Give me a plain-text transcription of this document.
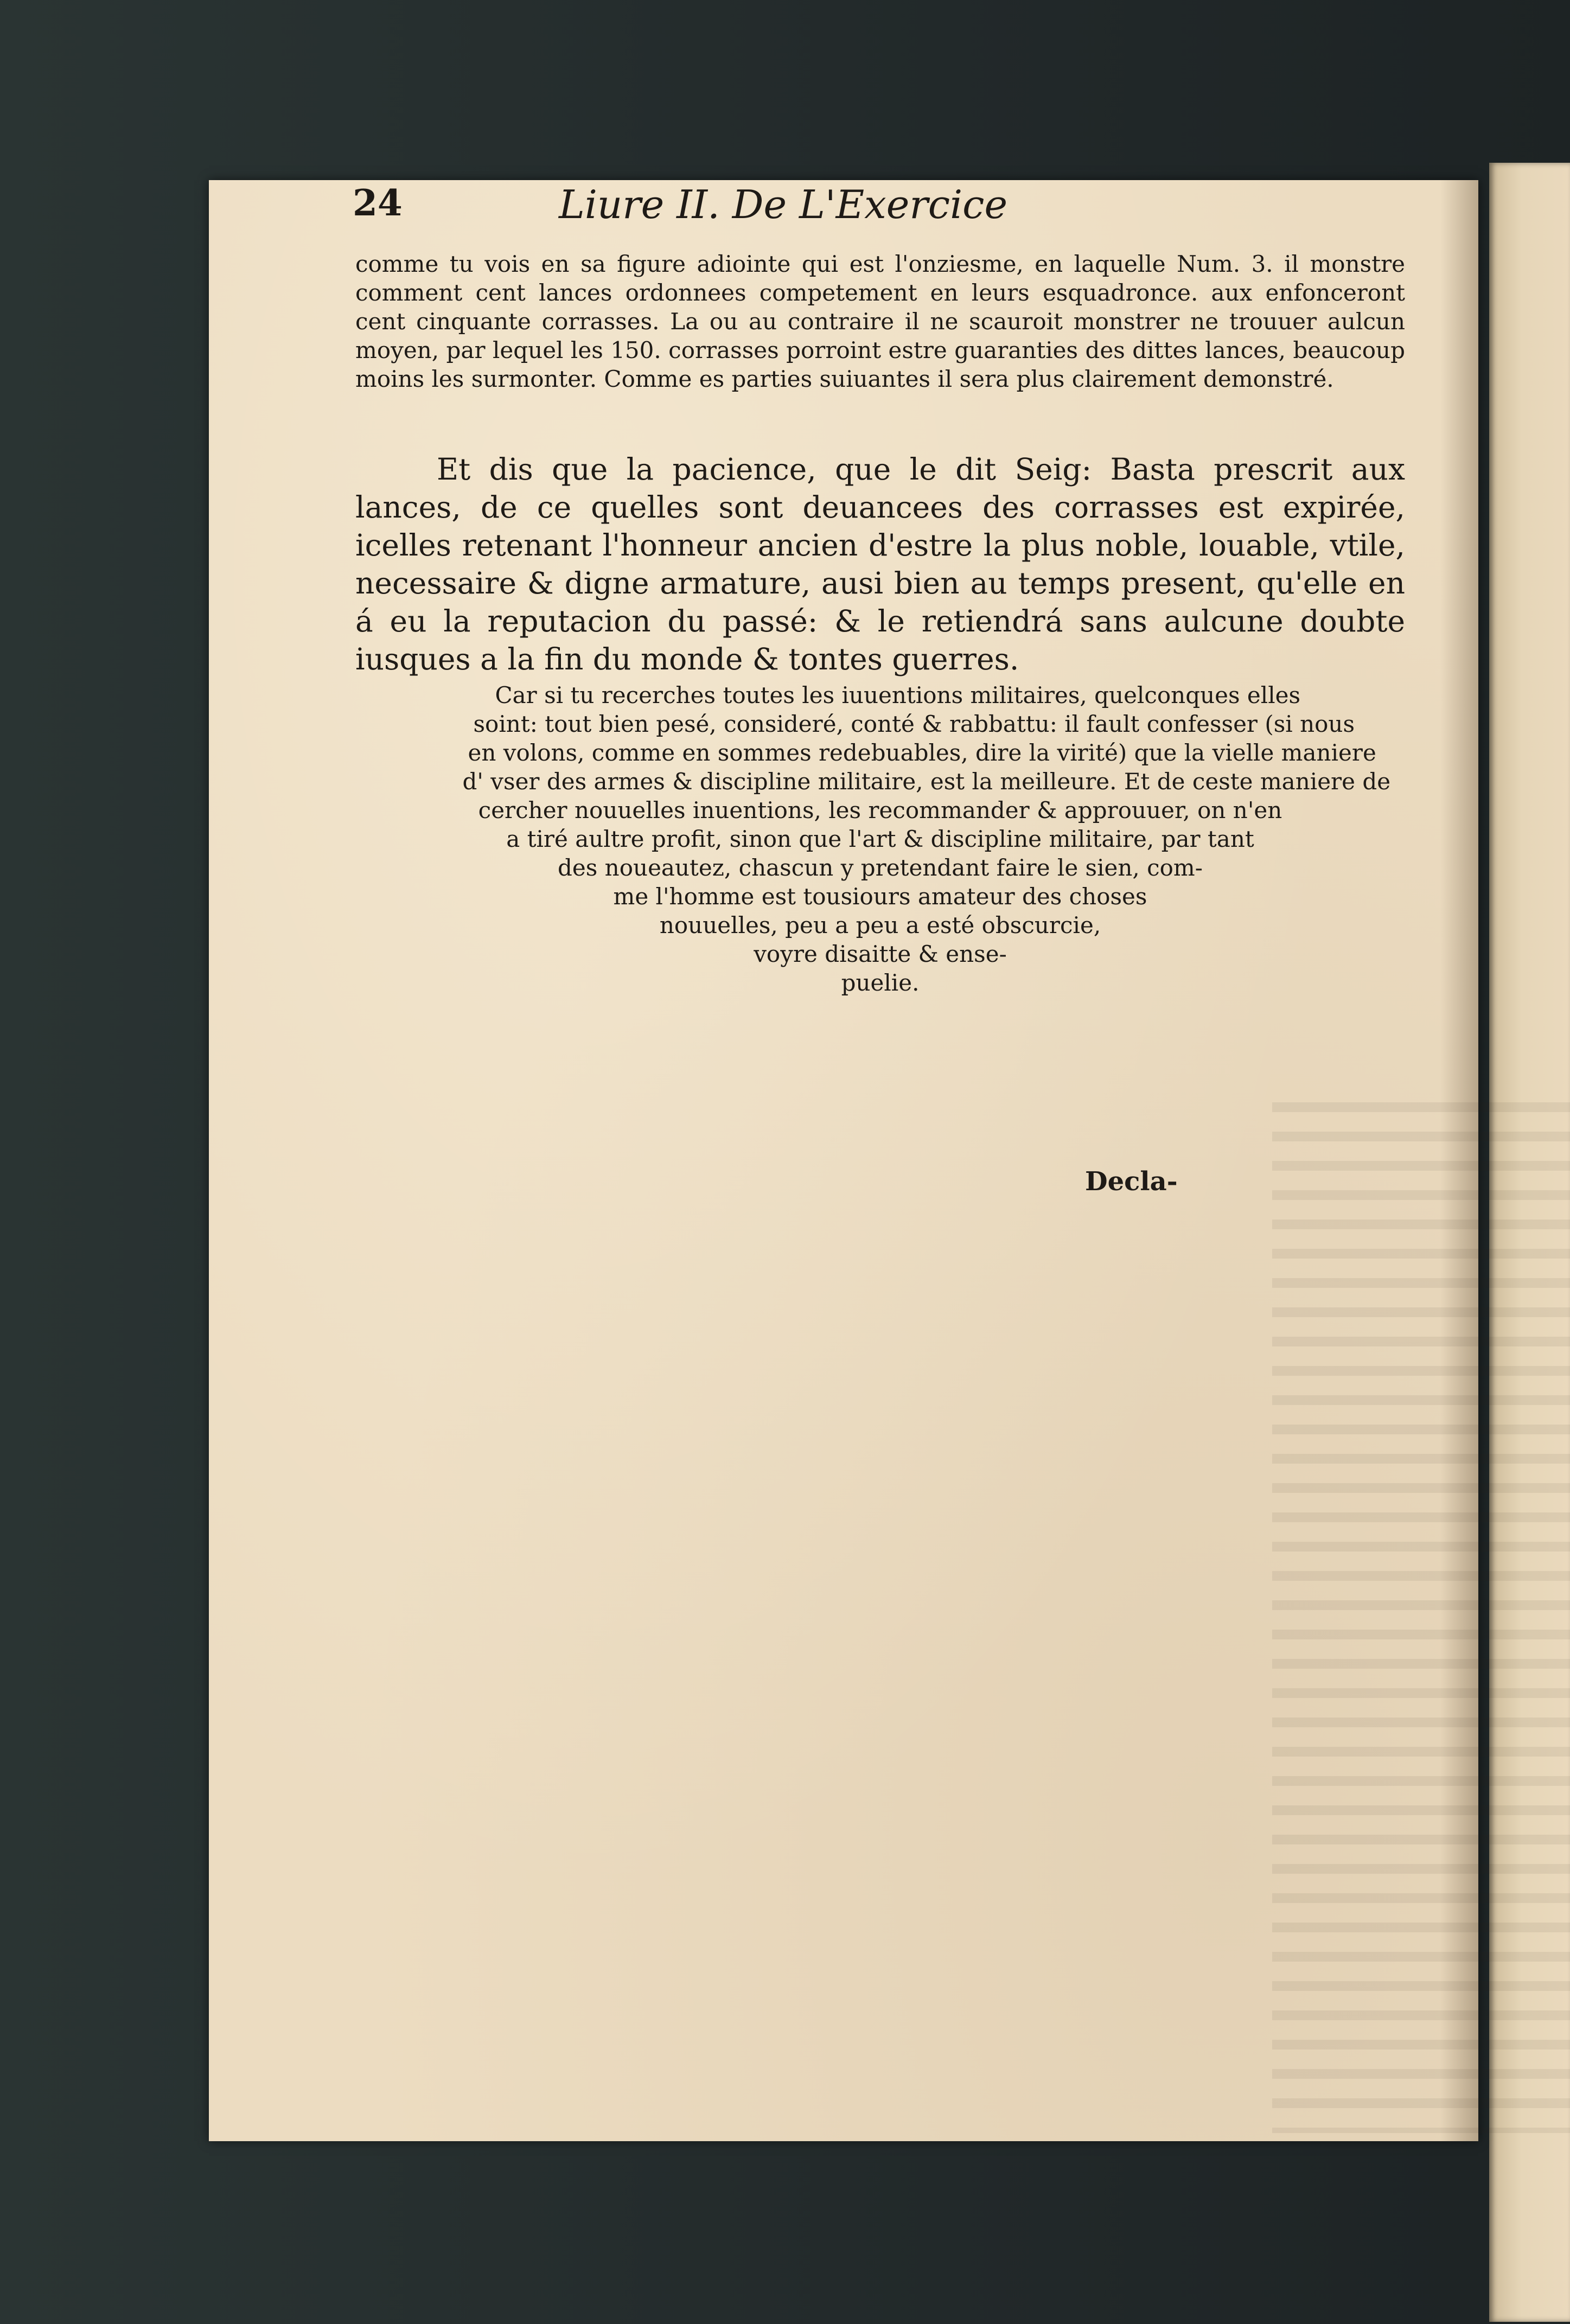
24	Liure II. De L'Exercice

comme tu vois en sa figure adiointe qui est l'onziesme, en laquelle Num. 3. il monstre comment cent lances ordonnees competement en leurs esquadronce. aux enfonceront cent cinquante corrasses. La ou au contraire il ne scauroit monstrer ne trouuer aulcun moyen, par lequel les 150. corrasses porroint estre guaranties des dittes lances, beaucoup moins les surmonter. Comme es parties suiuantes il sera plus clairement demonstré.

Et dis que la pacience, que le dit Seig: Basta prescrit aux lances, de ce quelles sont deuancees des corrasses est expirée, icelles retenant l'honneur ancien d'estre la plus noble, louable, vtile, necessaire & digne armature, ausi bien au temps present, qu'elle en á eu la reputacion du passé: & le retiendrá sans aulcune doubte iusques a la fin du monde & tontes guerres.

Car si tu recerches toutes les iuuentions militaires, quelconques elles
soint: tout bien pesé, consideré, conté & rabbattu: il fault confesser (si nous
en volons, comme en sommes redebuables, dire la virité) que la vielle maniere
d' vser des armes & discipline militaire, est la meilleure. Et de ceste maniere de
cercher nouuelles inuentions, les recommander & approuuer, on n'en
a tiré aultre profit, sinon que l'art & discipline militaire, par tant
des noueautez, chascun y pretendant faire le sien, com-
me l'homme est tousiours amateur des choses
nouuelles, peu a peu a esté obscurcie,
voyre disaitte & ense-
puelie.
Decla-
